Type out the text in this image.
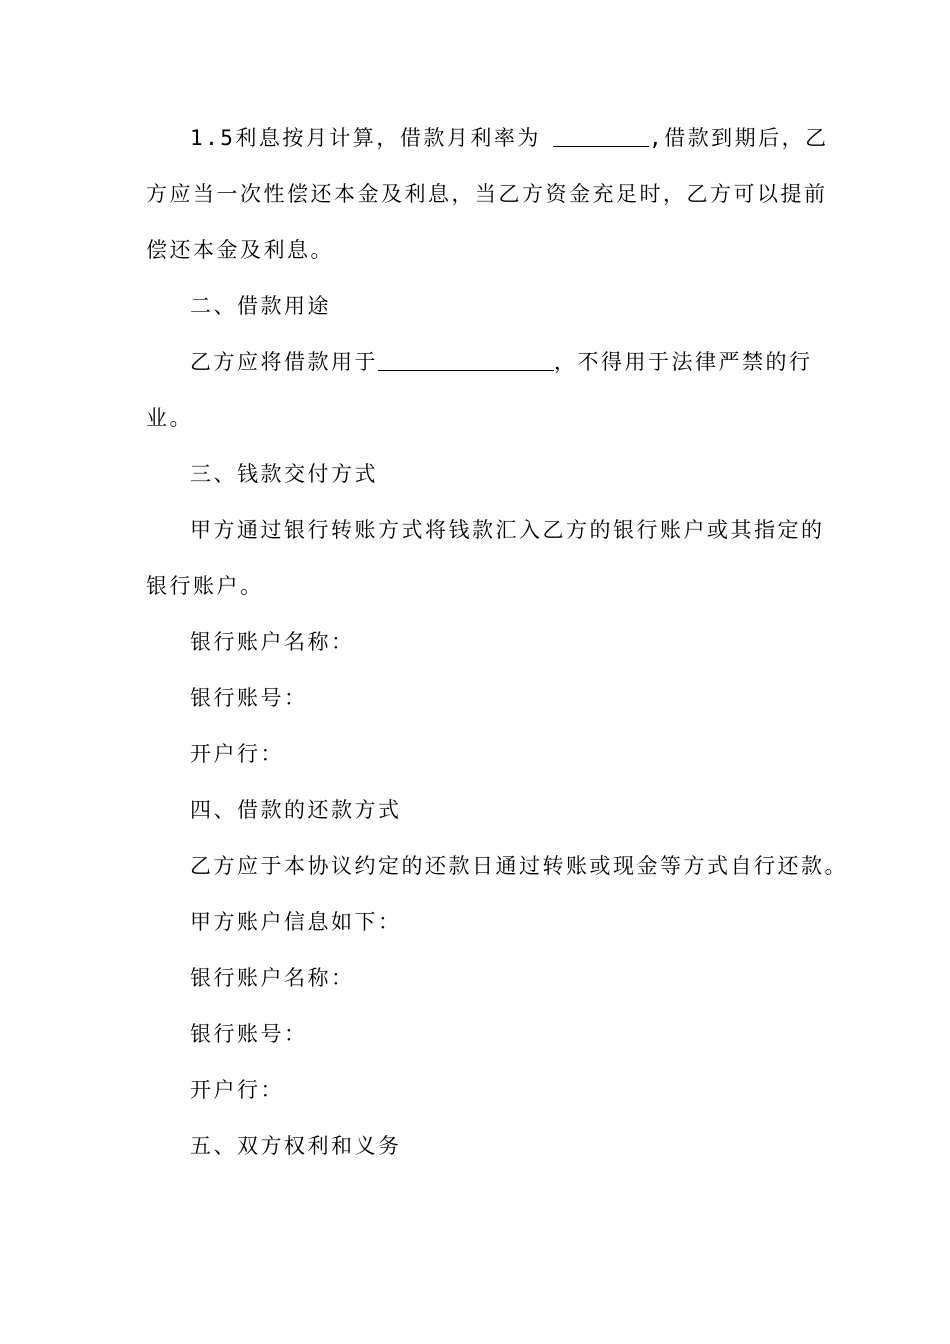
1.5利息按月计算，借款月利率为	,借款到期后，乙
方应当一次性偿还本金及利息，当乙方资金充足时，乙方可以提前
偿还本金及利息。
二、借款用途
乙方应将借款用于	，不得用于法律严禁的行
业。
三、钱款交付方式
甲方通过银行转账方式将钱款汇入乙方的银行账户或其指定的
银行账户。
银行账户名称：
银行账号：
开户行：
四、借款的还款方式
乙方应于本协议约定的还款日通过转账或现金等方式自行还款。
甲方账户信息如下：
银行账户名称：
银行账号：
开户行：
五、双方权利和义务
